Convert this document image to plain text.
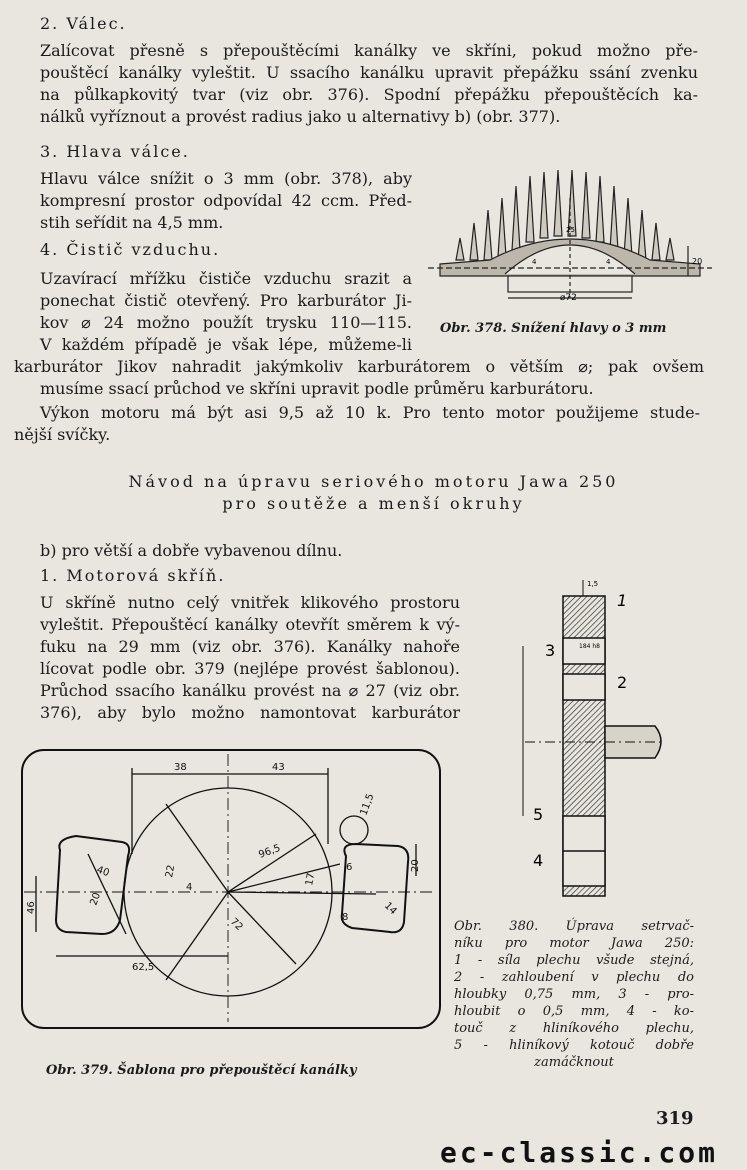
2. Válec.
Zalícovat přesně s přepouštěcími kanálky ve skříni, pokud možno pře-
pouštěcí kanálky vyleštit. U ssacího kanálku upravit přepážku ssání zvenku
na půlkapkovitý tvar (viz obr. 376). Spodní přepážku přepouštěcích ka-
nálků vyříznout a provést radius jako u alternativy b) (obr. 377).
3. Hlava válce.
Hlavu válce snížit o 3 mm (obr. 378), aby
kompresní prostor odpovídal 42 ccm. Před-
stih seřídit na 4,5 mm.
4. Čistič vzduchu.
Uzavírací mřížku čističe vzduchu srazit a
ponechat čistič otevřený. Pro karburátor Ji-
kov ⌀ 24 možno použít trysku 110—115.
V každém případě je však lépe, můžeme-li
karburátor Jikov nahradit jakýmkoliv karburátorem o větším ⌀; pak ovšem
musíme ssací průchod ve skříni upravit podle průměru karburátoru.
Výkon motoru má být asi 9,5 až 10 k. Pro tento motor použijeme stude-
nější svíčky.
⌀72
20
4
25
4
Obr. 378. Snížení hlavy o 3 mm
Návod na úpravu seriového motoru Jawa 250
pro soutěže a menší okruhy
b) pro větší a dobře vybavenou dílnu.
1. Motorová skříň.
U skříně nutno celý vnitřek klikového prostoru
vyleštit. Přepouštěcí kanálky otevřít směrem k vý-
fuku na 29 mm (viz obr. 376). Kanálky nahoře
lícovat podle obr. 379 (nejlépe provést šablonou).
Průchod ssacího kanálku provést na ⌀ 27 (viz obr.
376), aby bylo možno namontovat karburátor
1
2
3
4
5
1,5
184 h8
Obr. 380. Úprava setrvač-
níku pro motor Jawa 250:
1 - síla plechu všude stejná,
2 - zahloubení v plechu do
hloubky 0,75 mm, 3 - pro-
hloubit o 0,5 mm, 4 - ko-
touč z hliníkového plechu,
5 - hliníkový kotouč dobře
zamáčknout
38	43
11,5
96,5
20
17
40
20
46
22
72
62,5
4
6
8
14
Obr. 379. Šablona pro přepouštěcí kanálky
319
ec-classic.com
